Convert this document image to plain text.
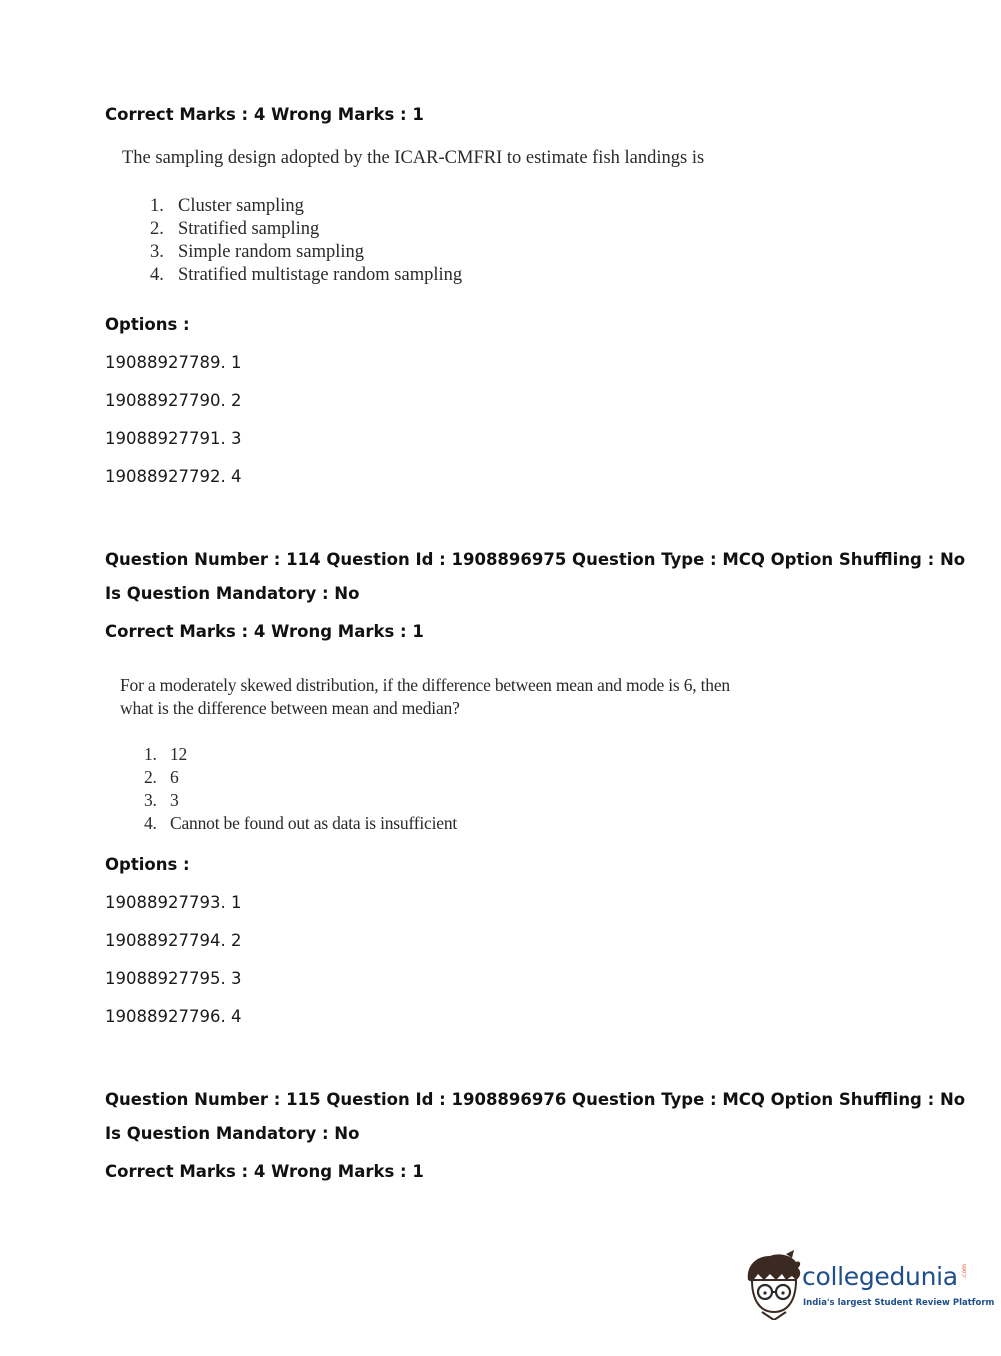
Correct Marks : 4 Wrong Marks : 1
The sampling design adopted by the ICAR-CMFRI to estimate fish landings is
1. Cluster sampling
2. Stratified sampling
3. Simple random sampling
4. Stratified multistage random sampling
Options :
19088927789. 1
19088927790. 2
19088927791. 3
19088927792. 4
Question Number : 114 Question Id : 1908896975 Question Type : MCQ Option Shuffling : No
Is Question Mandatory : No
Correct Marks : 4 Wrong Marks : 1
For a moderately skewed distribution, if the difference between mean and mode is 6, then
what is the difference between mean and median?
1. 12
2. 6
3. 3
4. Cannot be found out as data is insufficient
Options :
19088927793. 1
19088927794. 2
19088927795. 3
19088927796. 4
Question Number : 115 Question Id : 1908896976 Question Type : MCQ Option Shuffling : No
Is Question Mandatory : No
Correct Marks : 4 Wrong Marks : 1
collegedunia .com
India's largest Student Review Platform
